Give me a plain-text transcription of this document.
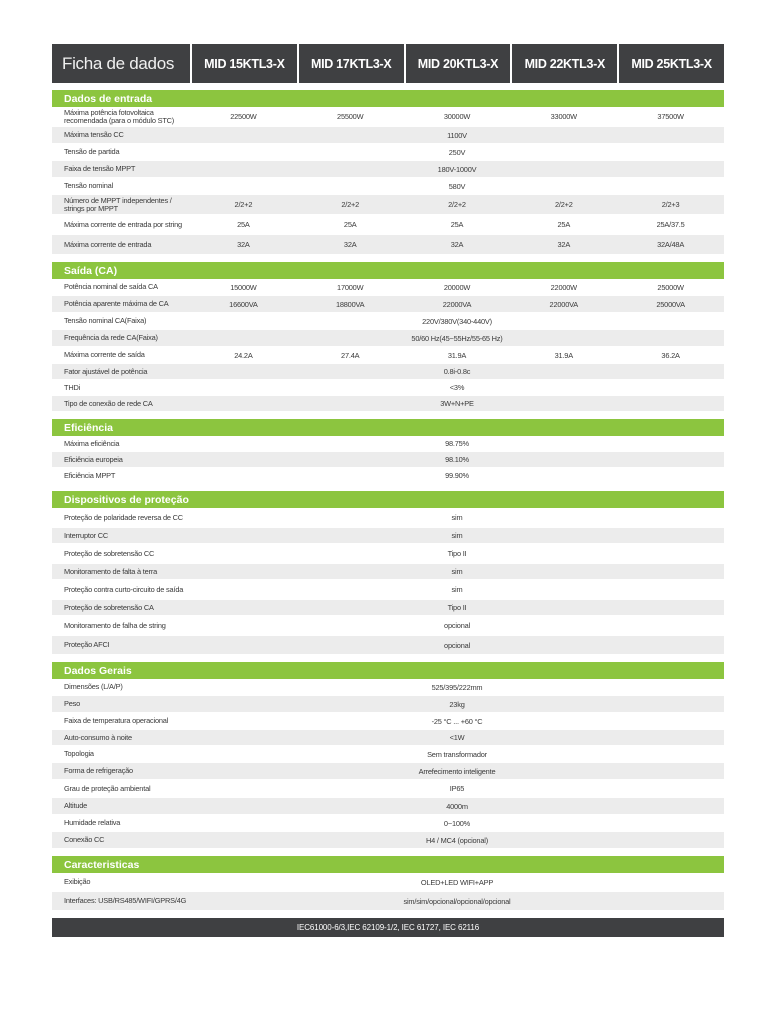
Ficha de dados	MID 15KTL3-X	MID 17KTL3-X	MID 20KTL3-X	MID 22KTL3-X	MID 25KTL3-X
Dados de entrada
Máxima potência fotovoltaica recomendada (para o módulo STC)	22500W	25500W	30000W	33000W	37500W
Máxima tensão CC	1100V
Tensão de partida	250V
Faixa de tensão MPPT	180V-1000V
Tensão nominal	580V
Número de MPPT independentes / strings por MPPT	2/2+2	2/2+2	2/2+2	2/2+2	2/2+3
Máxima corrente de entrada por string	25A	25A	25A	25A	25A/37.5
Máxima corrente de entrada	32A	32A	32A	32A	32A/48A
Saída (CA)
Potência nominal de saída CA	15000W	17000W	20000W	22000W	25000W
Potência aparente máxima de CA	16600VA	18800VA	22000VA	22000VA	25000VA
Tensão nominal CA(Faixa)	220V/380V(340-440V)
Frequência da rede CA(Faixa)	50/60 Hz(45~55Hz/55-65 Hz)
Máxima corrente de saída	24.2A	27.4A	31.9A	31.9A	36.2A
Fator ajustável de potência	0.8i-0.8c
THDi	<3%
Tipo de conexão de rede CA	3W+N+PE
Eficiência
Máxima eficiência	98.75%
Eficiência europeia	98.10%
Eficiência MPPT	99.90%
Dispositivos de proteção
Proteção de polaridade reversa de CC	sim
Interruptor CC	sim
Proteção de sobretensão CC	Tipo II
Monitoramento de falta à terra	sim
Proteção contra curto-circuito de saída	sim
Proteção de sobretensão CA	Tipo II
Monitoramento de falha de string	opcional
Proteção AFCI	opcional
Dados Gerais
Dimensões (L/A/P)	525/395/222mm
Peso	23kg
Faixa de temperatura operacional	-25 °C ... +60 °C
Auto-consumo à noite	<1W
Topologia	Sem transformador
Forma de refrigeração	Arrefecimento inteligente
Grau de proteção ambiental	IP65
Altitude	4000m
Humidade relativa	0~100%
Conexão CC	H4 / MC4 (opcional)
Caracteristicas
Exibição	OLED+LED WIFI+APP
Interfaces: USB/RS485/WIFI/GPRS/4G	sim/sim/opcional/opcional/opcional
IEC61000-6/3,IEC 62109-1/2, IEC 61727, IEC 62116
